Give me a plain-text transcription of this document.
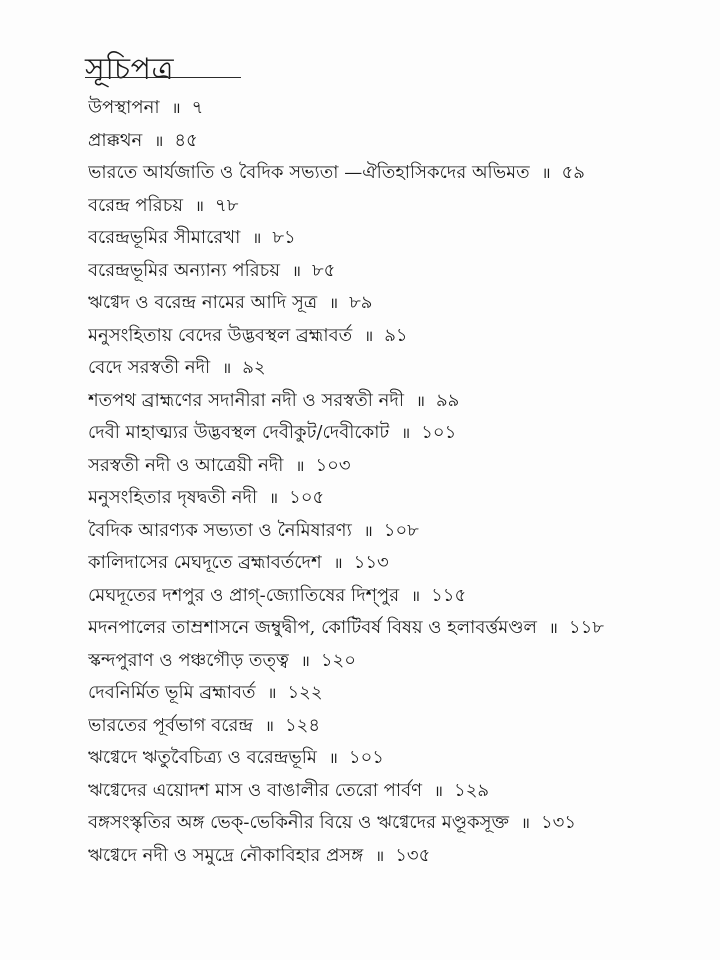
সূচিপত্র
উপস্থাপনা ॥ ৭
প্রাক্কথন ॥ ৪৫
ভারতে আর্যজাতি ও বৈদিক সভ্যতা —ঐতিহাসিকদের অভিমত ॥ ৫৯
বরেন্দ্র পরিচয় ॥ ৭৮
বরেন্দ্রভূমির সীমারেখা ॥ ৮১
বরেন্দ্রভূমির অন্যান্য পরিচয় ॥ ৮৫
ঋগ্বেদ ও বরেন্দ্র নামের আদি সূত্র ॥ ৮৯
মনুসংহিতায় বেদের উদ্ভবস্থল ব্রহ্মাবর্ত ॥ ৯১
বেদে সরস্বতী নদী ॥ ৯২
শতপথ ব্রাহ্মণের সদানীরা নদী ও সরস্বতী নদী ॥ ৯৯
দেবী মাহাত্ম্যর উদ্ভবস্থল দেবীকুট/দেবীকোট ॥ ১০১
সরস্বতী নদী ও আত্রেয়ী নদী ॥ ১০৩
মনুসংহিতার দৃষদ্বতী নদী ॥ ১০৫
বৈদিক আরণ্যক সভ্যতা ও নৈমিষারণ্য ॥ ১০৮
কালিদাসের মেঘদূতে ব্রহ্মাবর্তদেশ ॥ ১১৩
মেঘদূতের দশপুর ও প্রাগ্‌-জ্যোতিষের দিশ্‌পুর ॥ ১১৫
মদনপালের তাম্রশাসনে জম্বুদ্বীপ, কোটিবর্ষ বিষয় ও হলাবর্ত্তমণ্ডল ॥ ১১৮
স্কন্দপুরাণ ও পঞ্চগৌড় তত্ত্ব ॥ ১২০
দেবনির্মিত ভূমি ব্রহ্মাবর্ত ॥ ১২২
ভারতের পূর্বভাগ বরেন্দ্র ॥ ১২৪
ঋগ্বেদে ঋতুবৈচিত্র্য ও বরেন্দ্রভূমি ॥ ১০১
ঋগ্বেদের এয়োদশ মাস ও বাঙালীর তেরো পার্বণ ॥ ১২৯
বঙ্গসংস্কৃতির অঙ্গ ভেক্‌-ভেকিনীর বিয়ে ও ঋগ্বেদের মণ্ডূকসূক্ত ॥ ১৩১
ঋগ্বেদে নদী ও সমুদ্রে নৌকাবিহার প্রসঙ্গ ॥ ১৩৫
